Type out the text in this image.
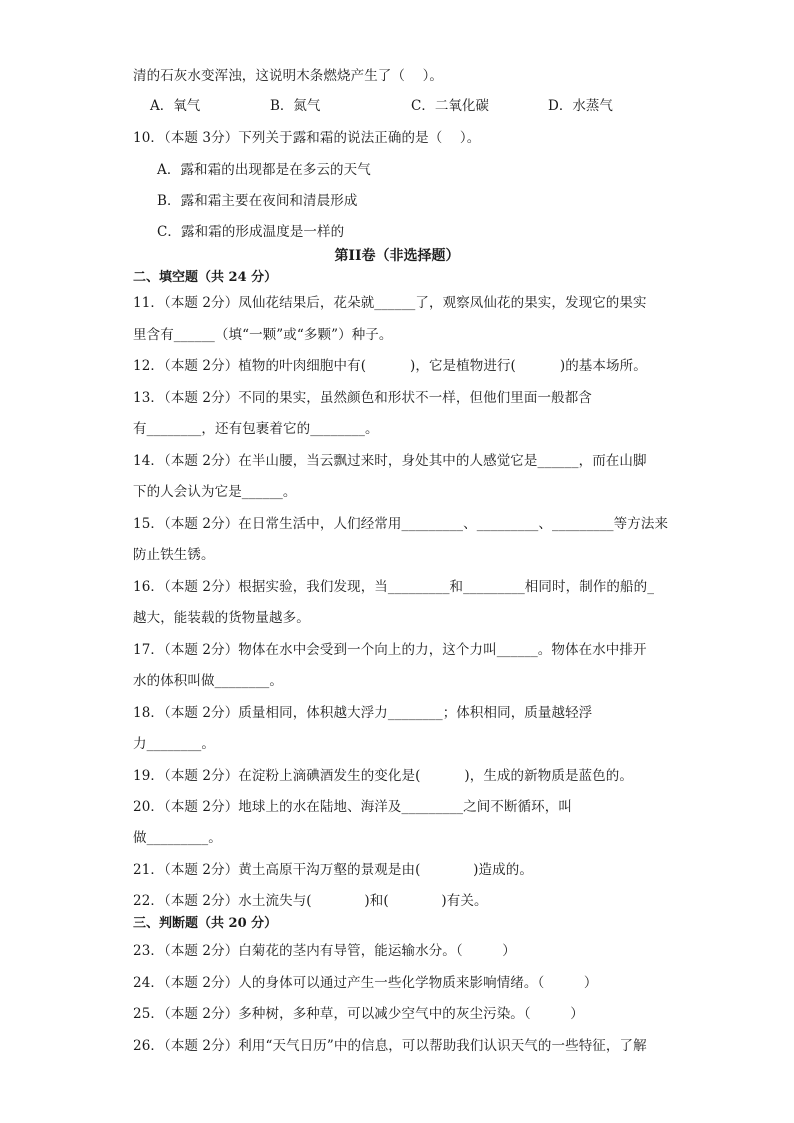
清的石灰水变浑浊，这说明木条燃烧产生了（    ）。

A．氧气

	B．氮气

	C．二氧化碳

	D．水蒸气

10．（本题 3分）下列关于露和霜的说法正确的是（    ）。
A．露和霜的出现都是在多云的天气
B．露和霜主要在夜间和清晨形成
C．露和霜的形成温度是一样的
第II卷（非选择题）
二、填空题（共 24 分）
11．（本题 2分）凤仙花结果后，花朵就______了，观察凤仙花的果实，发现它的果实
里含有______（填“一颗”或“多颗”）种子。
12．（本题 2分）植物的叶肉细胞中有(          )，它是植物进行(          )的基本场所。
13．（本题 2分）不同的果实，虽然颜色和形状不一样，但他们里面一般都含
有________，还有包裹着它的________。
14．（本题 2分）在半山腰，当云飘过来时，身处其中的人感觉它是______，而在山脚
下的人会认为它是______。
15．（本题 2分）在日常生活中，人们经常用_________、_________、_________等方法来
防止铁生锈。
16．（本题 2分）根据实验，我们发现，当_________和_________相同时，制作的船的_
越大，能装载的货物量越多。
17．（本题 2分）物体在水中会受到一个向上的力，这个力叫______。物体在水中排开
水的体积叫做________。
18．（本题 2分）质量相同，体积越大浮力________；体积相同，质量越轻浮
力________。
19．（本题 2分）在淀粉上滴碘酒发生的变化是(          )，生成的新物质是蓝色的。
20．（本题 2分）地球上的水在陆地、海洋及_________之间不断循环，叫
做_________。
21．（本题 2分）黄土高原干沟万壑的景观是由(            )造成的。
22．（本题 2分）水土流失与(            )和(            )有关。
三、判断题（共 20 分）
23．（本题 2分）白菊花的茎内有导管，能运输水分。（         ）
24．（本题 2分）人的身体可以通过产生一些化学物质来影响情绪。（         ）
25．（本题 2分）多种树，多种草，可以减少空气中的灰尘污染。（         ）
26．（本题 2分）利用“天气日历”中的信息，可以帮助我们认识天气的一些特征，了解
